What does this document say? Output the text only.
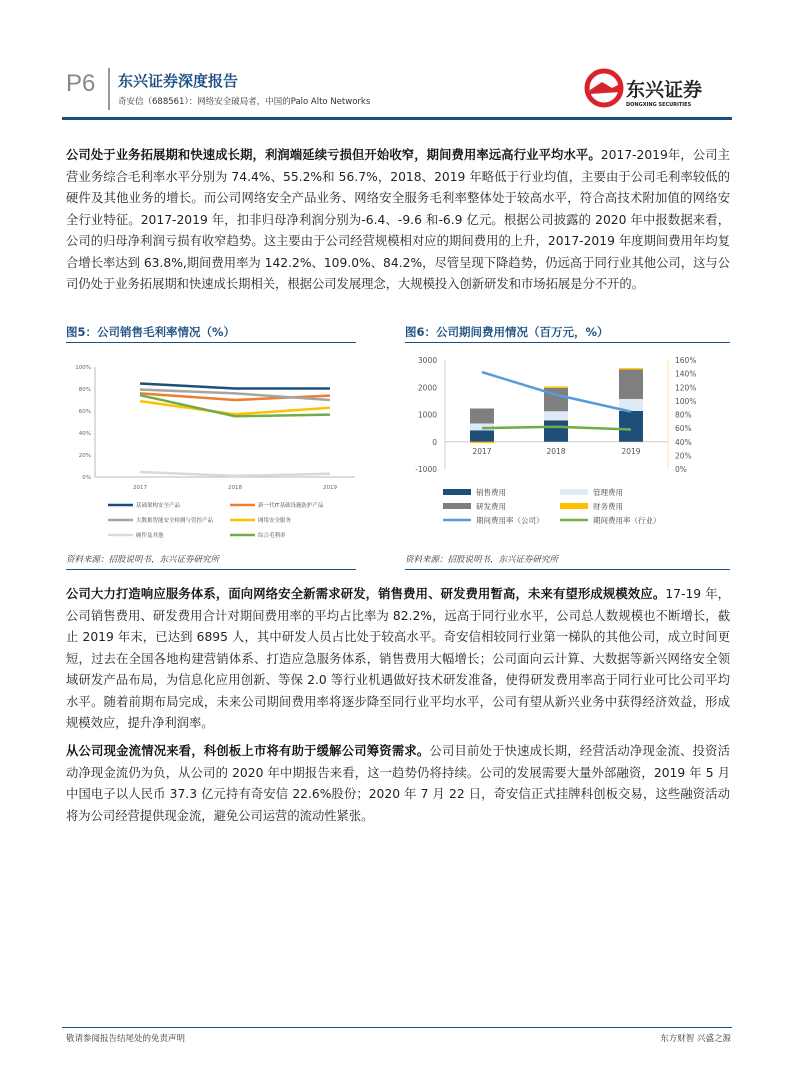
P6 东兴证券深度报告
奇安信（688561）：网络安全破局者，中国的Palo Alto Networks
东兴证券
DONGXING SECURITIES
公司处于业务拓展期和快速成长期，利润端延续亏损但开始收窄，期间费用率远高行业平均水平。2017-2019年，公司主营业务综合毛利率水平分别为 74.4%、55.2%和 56.7%，2018、2019 年略低于行业均值，主要由于公司毛利率较低的硬件及其他业务的增长。而公司网络安全产品业务、网络安全服务毛利率整体处于较高水平，符合高技术附加值的网络安全行业特征。2017-2019 年，扣非归母净利润分别为-6.4、-9.6 和-6.9 亿元。根据公司披露的 2020 年中报数据来看，公司的归母净利润亏损有收窄趋势。这主要由于公司经营规模相对应的期间费用的上升，2017-2019 年度期间费用年均复合增长率达到 63.8%,期间费用率为 142.2%、109.0%、84.2%，尽管呈现下降趋势，仍远高于同行业其他公司，这与公司仍处于业务拓展期和快速成长期相关，根据公司发展理念，大规模投入创新研发和市场拓展是分不开的。
图5：公司销售毛利率情况（%）	图6：公司期间费用情况（百万元，%）
0%
20%
40%
60%
80%
100%
2017	2018	2019
基础架构安全产品	新一代IT基础设施防护产品
大数据智能安全检测与管控产品	网络安全服务
硬件及其他	综合毛利率
-1000
0
1000
2000
3000
0%
20%
40%
60%
80%
100%
120%
140%
160%
2017	2018	2019
销售费用	管理费用
研发费用	财务费用
期间费用率（公司）	期间费用率（行业）
资料来源：招股说明书，东兴证券研究所	资料来源：招股说明书，东兴证券研究所
公司大力打造响应服务体系，面向网络安全新需求研发，销售费用、研发费用暂高，未来有望形成规模效应。17-19 年，公司销售费用、研发费用合计对期间费用率的平均占比率为 82.2%，远高于同行业水平，公司总人数规模也不断增长，截止 2019 年末，已达到 6895 人，其中研发人员占比处于较高水平。奇安信相较同行业第一梯队的其他公司，成立时间更短，过去在全国各地构建营销体系、打造应急服务体系，销售费用大幅增长；公司面向云计算、大数据等新兴网络安全领域研发产品布局，为信息化应用创新、等保 2.0 等行业机遇做好技术研发准备，使得研发费用率高于同行业可比公司平均水平。随着前期布局完成，未来公司期间费用率将逐步降至同行业平均水平，公司有望从新兴业务中获得经济效益，形成规模效应，提升净利润率。
从公司现金流情况来看，科创板上市将有助于缓解公司筹资需求。公司目前处于快速成长期，经营活动净现金流、投资活动净现金流仍为负，从公司的 2020 年中期报告来看，这一趋势仍将持续。公司的发展需要大量外部融资，2019 年 5 月中国电子以人民币 37.3 亿元持有奇安信 22.6%股份；2020 年 7 月 22 日，奇安信正式挂牌科创板交易，这些融资活动将为公司经营提供现金流，避免公司运营的流动性紧张。
敬请参阅报告结尾处的免责声明	东方财智 兴盛之源
